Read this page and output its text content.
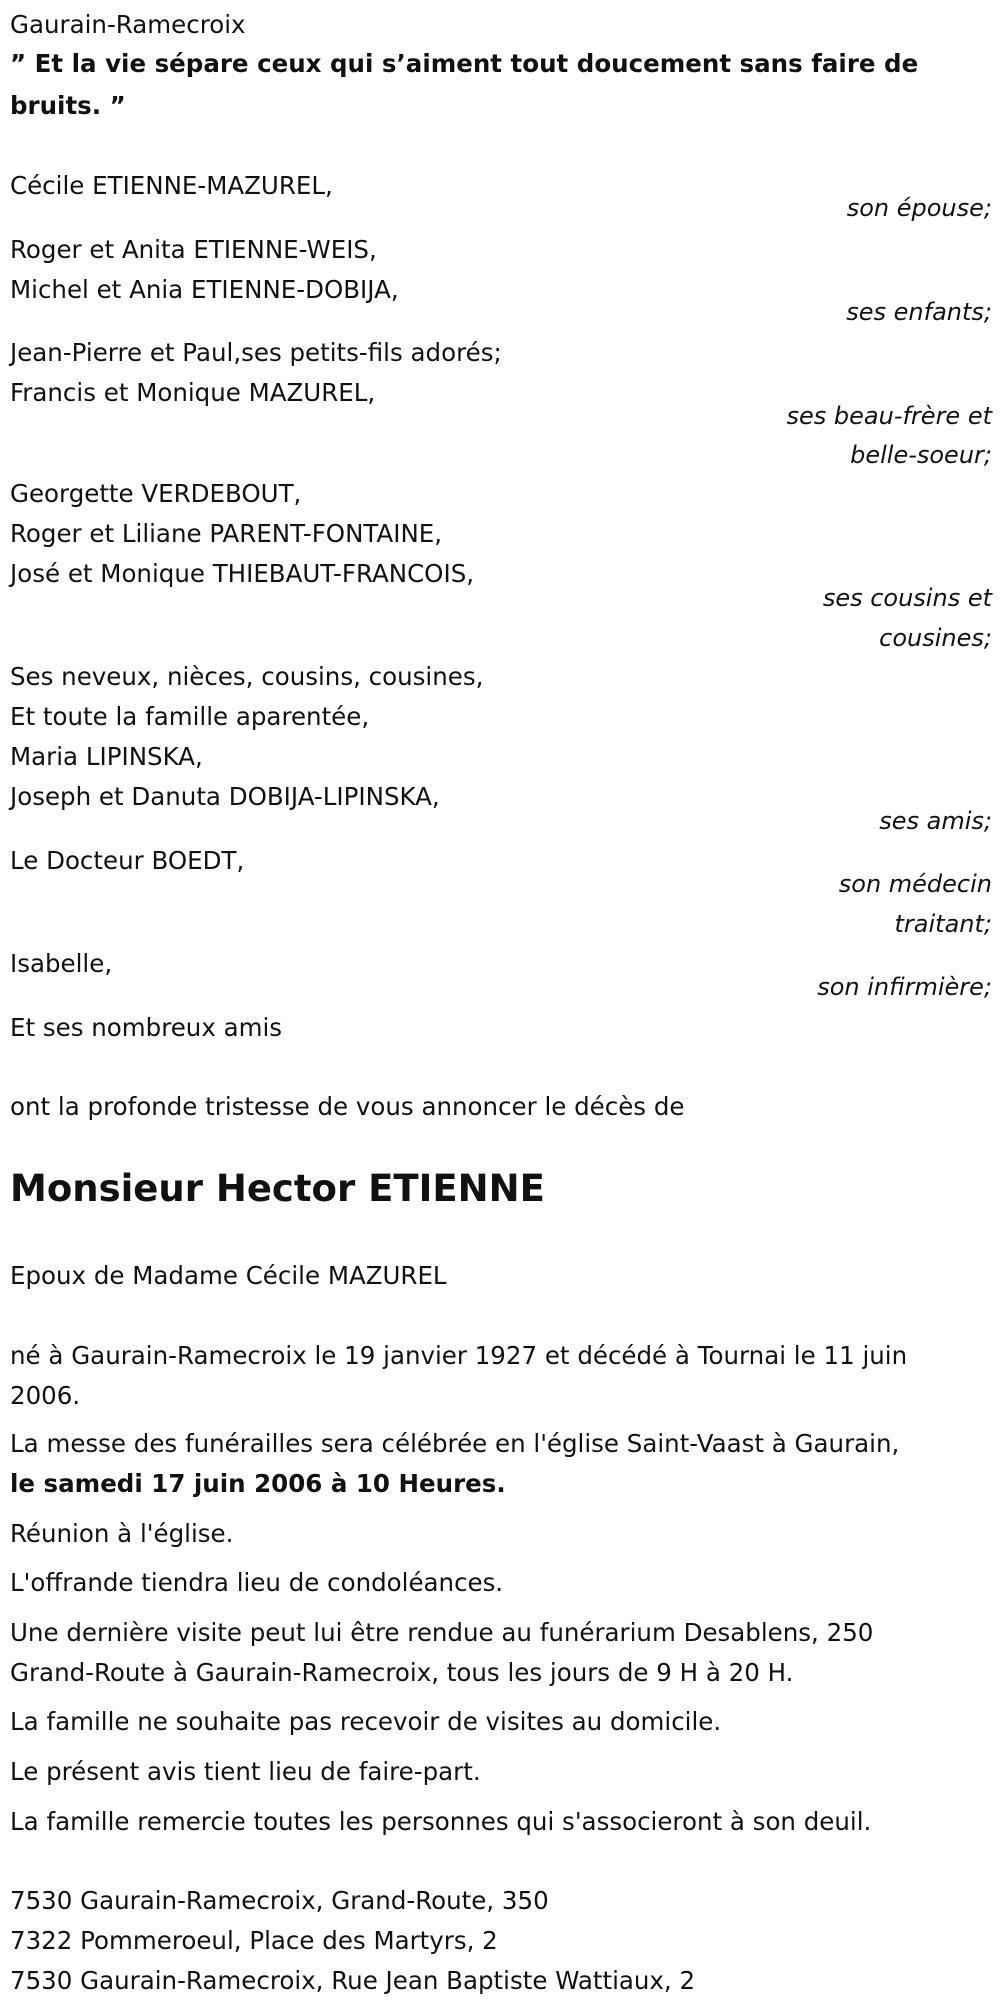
Gaurain-Ramecroix

” Et la vie sépare ceux qui s’aiment tout doucement sans faire de

bruits. ”

Cécile ETIENNE-MAZUREL,

son épouse;

Roger et Anita ETIENNE-WEIS,

Michel et Ania ETIENNE-DOBIJA,

ses enfants;

Jean-Pierre et Paul,ses petits-fils adorés;

Francis et Monique MAZUREL,

ses beau-frère et

belle-soeur;

Georgette VERDEBOUT,

Roger et Liliane PARENT-FONTAINE,

José et Monique THIEBAUT-FRANCOIS,

ses cousins et

cousines;

Ses neveux, nièces, cousins, cousines,

Et toute la famille aparentée,

Maria LIPINSKA,

Joseph et Danuta DOBIJA-LIPINSKA,

ses amis;

Le Docteur BOEDT,

son médecin

traitant;

Isabelle,

son infirmière;

Et ses nombreux amis

ont la profonde tristesse de vous annoncer le décès de

Monsieur Hector ETIENNE

Epoux de Madame Cécile MAZUREL

né à Gaurain-Ramecroix le 19 janvier 1927 et décédé à Tournai le 11 juin

2006.

La messe des funérailles sera célébrée en l'église Saint-Vaast à Gaurain,

le samedi 17 juin 2006 à 10 Heures.

Réunion à l'église.

L'offrande tiendra lieu de condoléances.

Une dernière visite peut lui être rendue au funérarium Desablens, 250

Grand-Route à Gaurain-Ramecroix, tous les jours de 9 H à 20 H.

La famille ne souhaite pas recevoir de visites au domicile.

Le présent avis tient lieu de faire-part.

La famille remercie toutes les personnes qui s'associeront à son deuil.

7530 Gaurain-Ramecroix, Grand-Route, 350

7322 Pommeroeul, Place des Martyrs, 2

7530 Gaurain-Ramecroix, Rue Jean Baptiste Wattiaux, 2
